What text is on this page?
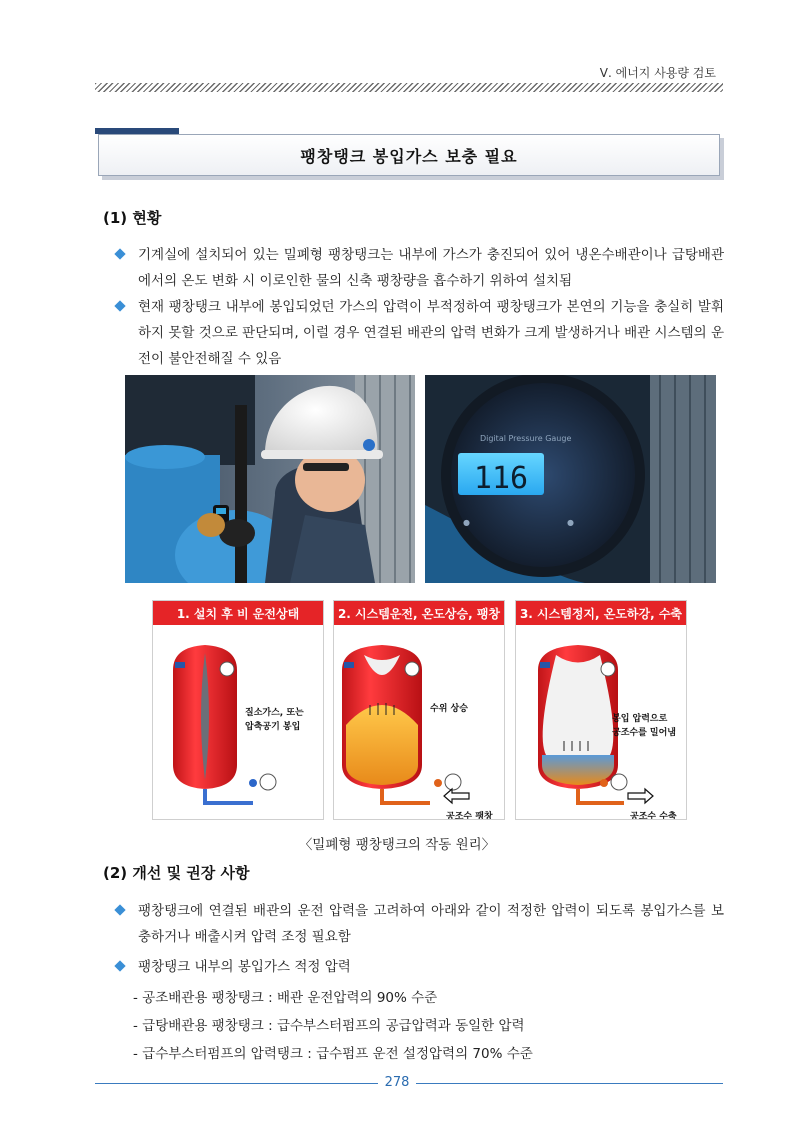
Ⅴ. 에너지 사용량 검토
팽창탱크 봉입가스 보충 필요
(1) 현황
기계실에 설치되어 있는 밀폐형 팽창탱크는 내부에 가스가 충진되어 있어 냉온수배관이나 급탕배관에서의 온도 변화 시 이로인한 물의 신축 팽창량을 흡수하기 위하여 설치됨
현재 팽창탱크 내부에 봉입되었던 가스의 압력이 부적정하여 팽창탱크가 본연의 기능을 충실히 발휘하지 못할 것으로 판단되며, 이럴 경우 연결된 배관의 압력 변화가 크게 발생하거나 배관 시스템의 운전이 불안전해질 수 있음
Digital Pressure Gauge
116
●	●
1. 설치 후 비 운전상태
질소가스, 또는
압축공기 봉입
2. 시스템운전, 온도상승, 팽창
수위 상승
공조수 팽창
3. 시스템정지, 온도하강, 수축
봉입 압력으로
공조수를 밀어냄
공조수 수축
〈밀폐형 팽창탱크의 작동 원리〉
(2) 개선 및 권장 사항
팽창탱크에 연결된 배관의 운전 압력을 고려하여 아래와 같이 적정한 압력이 되도록 봉입가스를 보충하거나 배출시켜 압력 조정 필요함
팽창탱크 내부의 봉입가스 적정 압력
- 공조배관용 팽창탱크 : 배관 운전압력의 90% 수준
- 급탕배관용 팽창탱크 : 급수부스터펌프의 공급압력과 동일한 압력
- 급수부스터펌프의 압력탱크 : 급수펌프 운전 설정압력의 70% 수준
278
